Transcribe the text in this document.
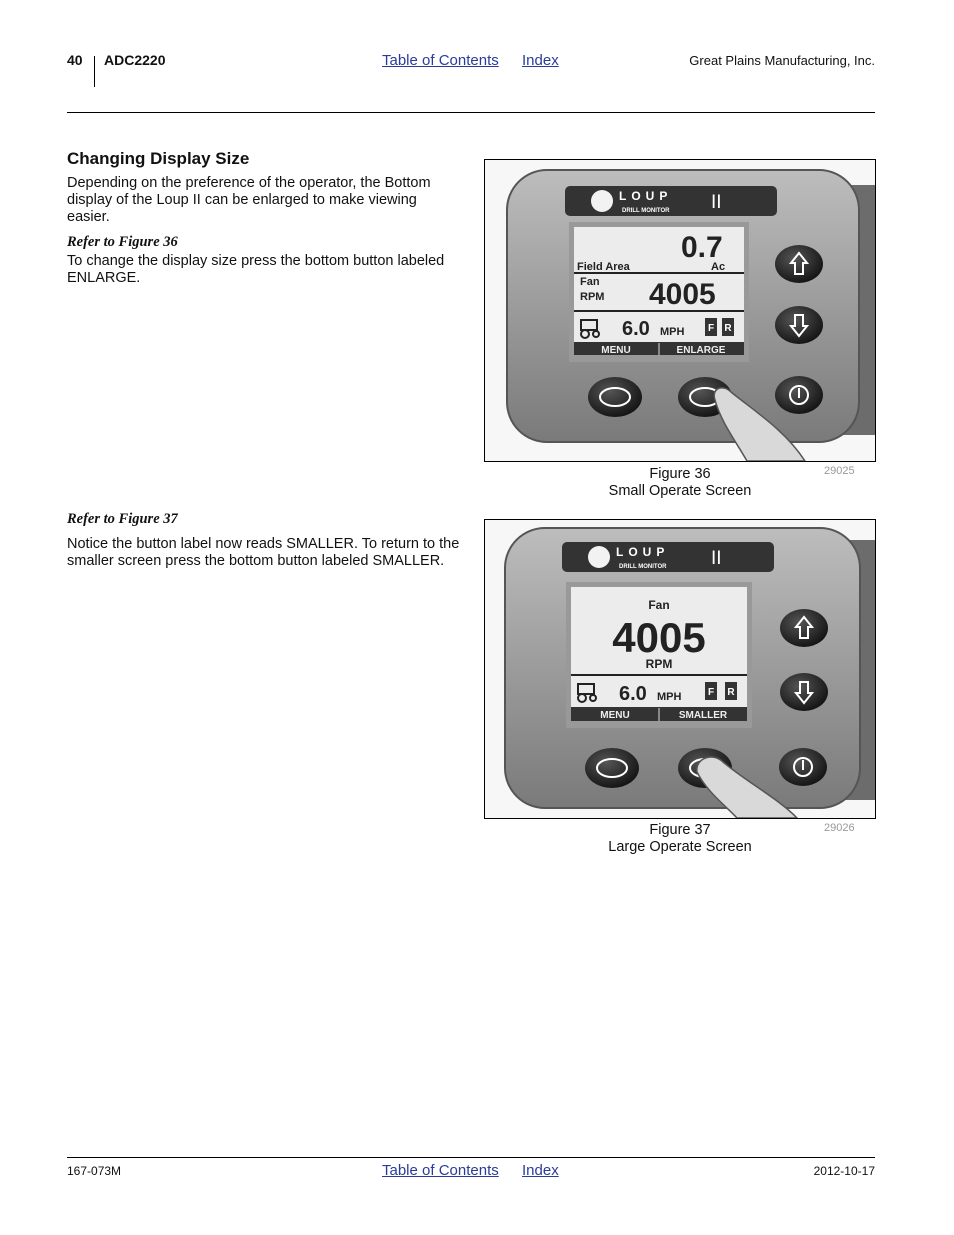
40 ADC2220	Table of Contents Index	Great Plains Manufacturing, Inc.
Changing Display Size
Depending on the preference of the operator, the Bottom display of the Loup II can be enlarged to make viewing easier.
Refer to Figure 36
To change the display size press the bottom button labeled ENLARGE.
Refer to Figure 37
Notice the button label now reads SMALLER. To return to the smaller screen press the bottom button labeled SMALLER.
LOUP
DRILL MONITOR II
0.7
Field Area	Ac
Fan
RPM 4005
6.0 MPH F R
MENU	ENLARGE
Figure 36
Small Operate Screen
29025
LOUP
DRILL MONITOR II
Fan
4005
RPM
6.0 MPH	F R
MENU	SMALLER
Figure 37
Large Operate Screen
29026
167-073M	Table of Contents Index	2012-10-17
